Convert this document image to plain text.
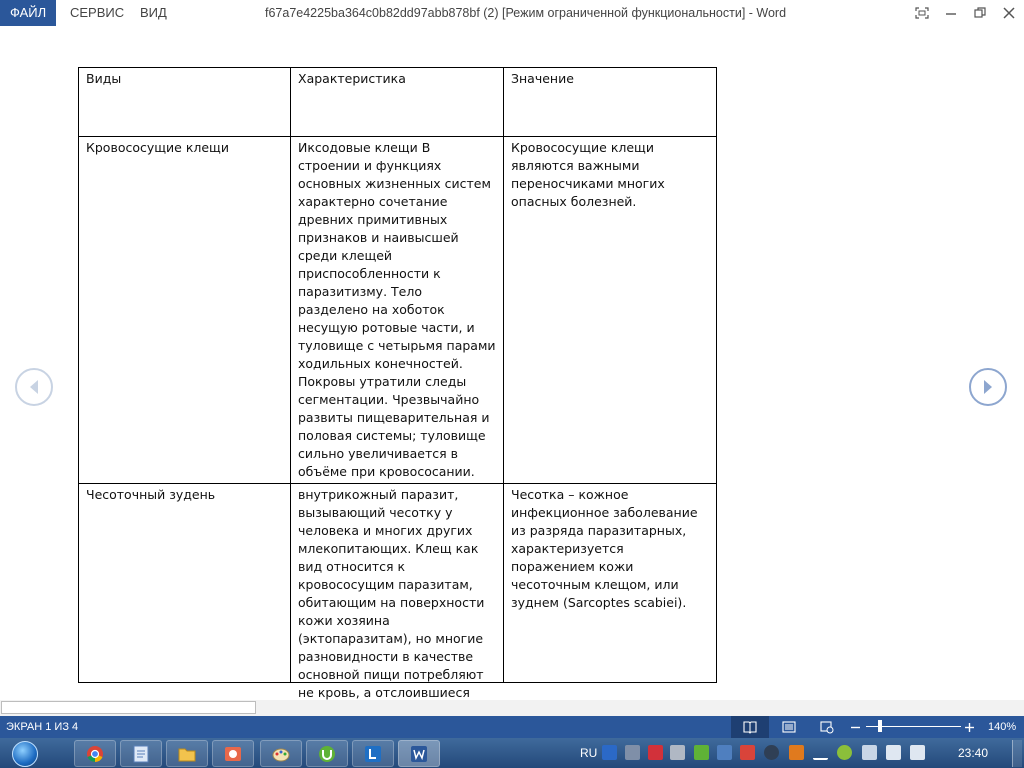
ФАЙЛ	СЕРВИС	ВИД	f67a7e4225ba364c0b82dd97abb878bf (2) [Режим ограниченной функциональности] - Word
Виды	Характеристика	Значение
Кровососущие клещи	Иксодовые клещи В строении и функциях основных жизненных систем характерно сочетание древних примитивных признаков и наивысшей среди клещей приспособленности к паразитизму. Тело разделено на хоботок несущую ротовые части, и туловище с четырьмя парами ходильных конечностей. Покровы утратили следы сегментации. Чрезвычайно развиты пищеварительная и половая системы; туловище сильно увеличивается в объёме при кровососании.	Кровососущие клещи являются важными переносчиками многих опасных болезней.
Чесоточный зудень	внутрикожный паразит, вызывающий чесотку у человека и многих других млекопитающих. Клещ как вид относится к кровососущим паразитам, обитающим на поверхности кожи хозяина (эктопаразитам), но многие разновидности в качестве основной пищи потребляют не кровь, а отслоившиеся	Чесотка – кожное инфекционное заболевание из разряда паразитарных, характеризуется поражением кожи чесоточным клещом, или зуднем (Sarcoptes scabiei).
ЭКРАН 1 ИЗ 4	140%
RU	23:40
